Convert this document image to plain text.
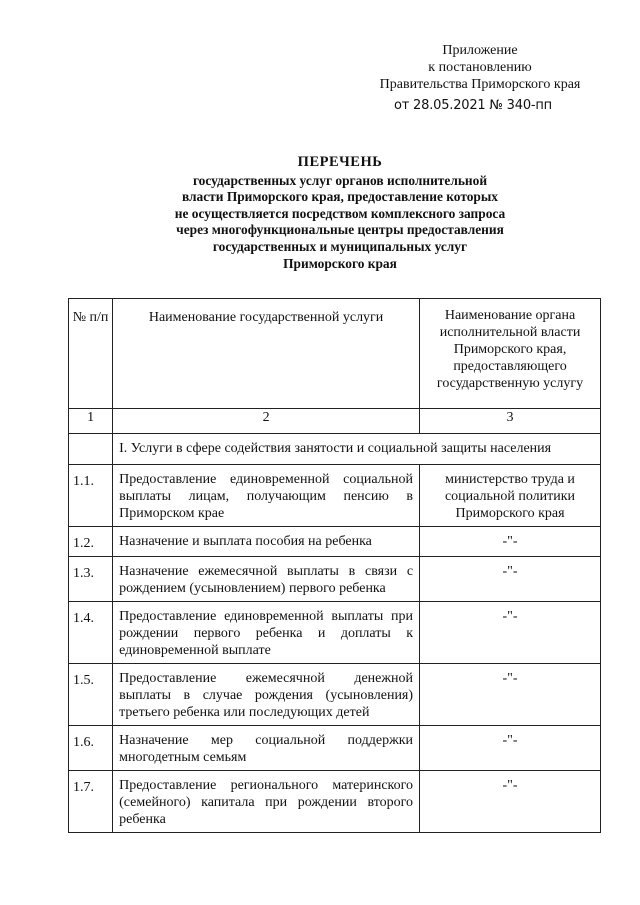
Приложение
к постановлению
Правительства Приморского края
от 28.05.2021 № 340-пп
ПЕРЕЧЕНЬ
государственных услуг органов исполнительной
власти Приморского края, предоставление которых
не осуществляется посредством комплексного запроса
через многофункциональные центры предоставления
государственных и муниципальных услуг
Приморского края
№ п/п	Наименование государственной услуги	Наименование органа исполнительной власти Приморского края, предоставляющего государственную услугу
1	2	3
	I. Услуги в сфере содействия занятости и социальной защиты населения	
1.1.	Предоставление единовременной социальной выплаты лицам, получающим пенсию в Приморском крае	министерство труда и социальной политики Приморского края
1.2.	Назначение и выплата пособия на ребенка	-"-
1.3.	Назначение ежемесячной выплаты в связи с рождением (усыновлением) первого ребенка	-"-
1.4.	Предоставление единовременной выплаты при рождении первого ребенка и доплаты к единовременной выплате	-"-
1.5.	Предоставление ежемесячной денежной выплаты в случае рождения (усыновления) третьего ребенка или последующих детей	-"-
1.6.	Назначение мер социальной поддержки многодетным семьям	-"-
1.7.	Предоставление регионального материнского (семейного) капитала при рождении второго ребенка	-"-
